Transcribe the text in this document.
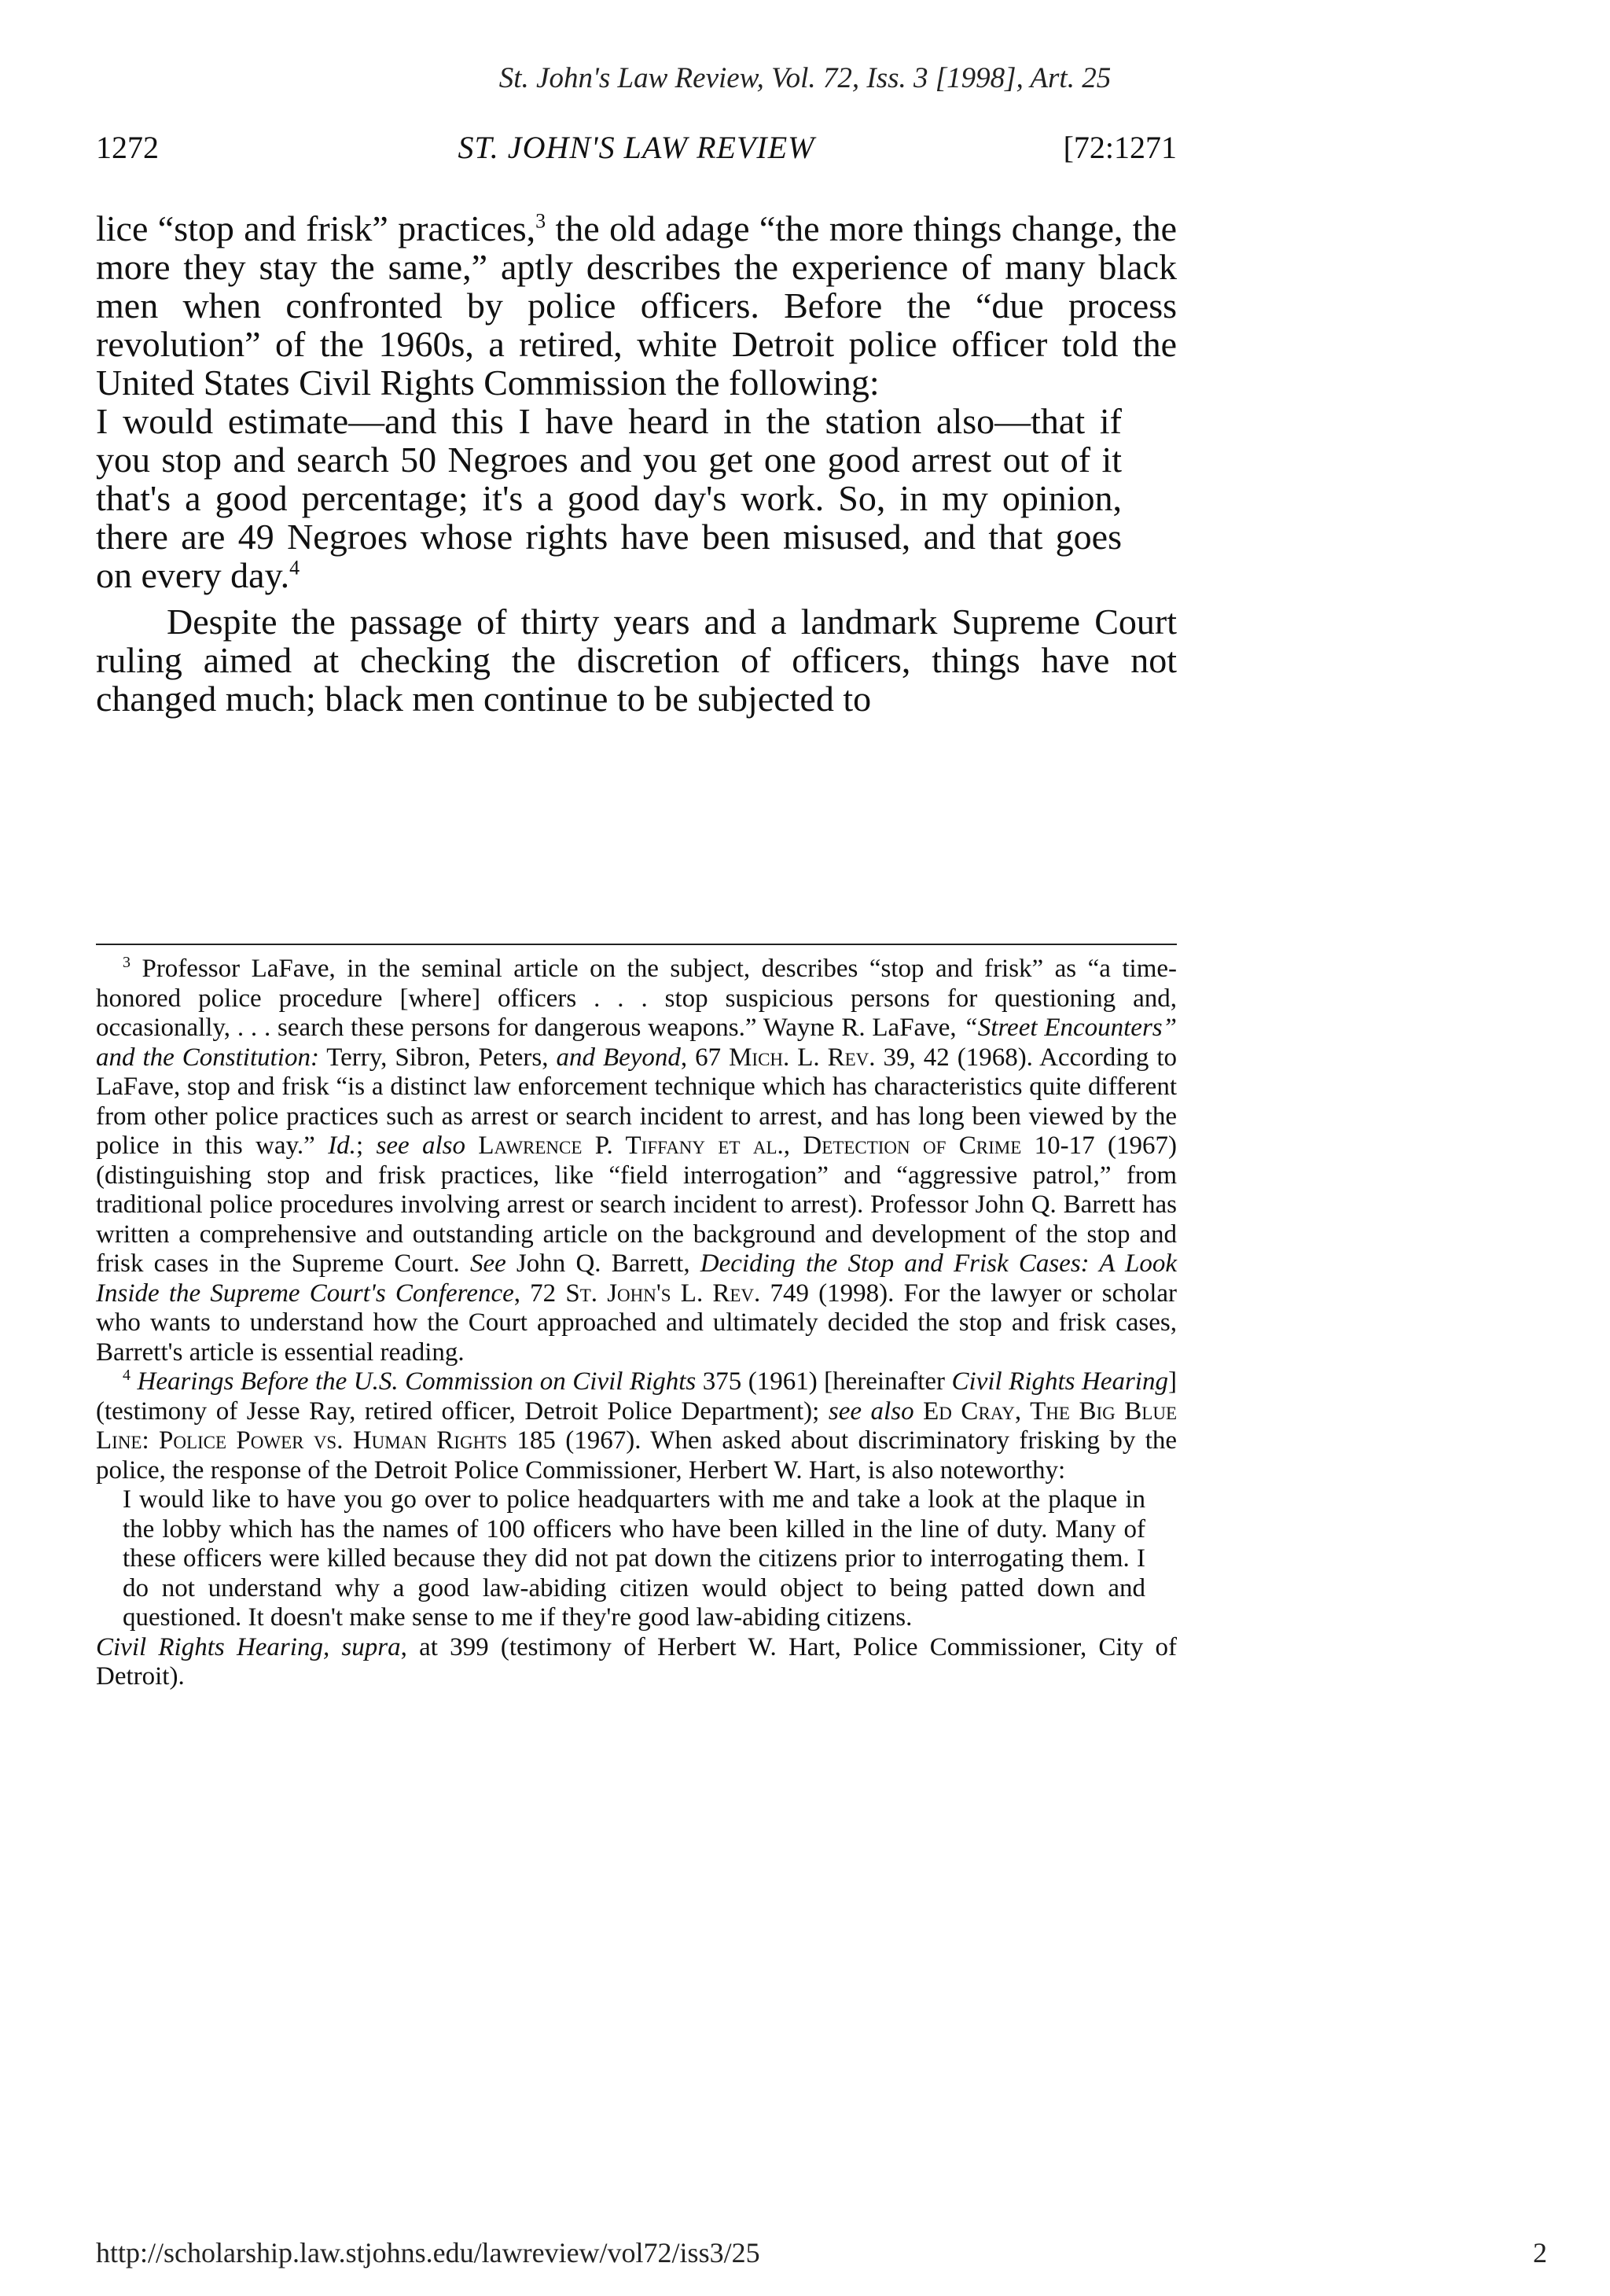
St. John's Law Review, Vol. 72, Iss. 3 [1998], Art. 25
1272	ST. JOHN'S LAW REVIEW	[72:1271

lice “stop and frisk” practices,$^3$ the old adage “the more things change, the more they stay the same,” aptly describes the experience of many black men when confronted by police officers. Before the “due process revolution” of the 1960s, a retired, white Detroit police officer told the United States Civil Rights Commission the following:

I would estimate—and this I have heard in the station also—that if you stop and search 50 Negroes and you get one good arrest out of it that's a good percentage; it's a good day's work. So, in my opinion, there are 49 Negroes whose rights have been misused, and that goes on every day.$^4$

Despite the passage of thirty years and a landmark Supreme Court ruling aimed at checking the discretion of officers, things have not changed much; black men continue to be subjected to

$^3$ Professor LaFave, in the seminal article on the subject, describes “stop and frisk” as “a time-honored police procedure [where] officers . . . stop suspicious persons for questioning and, occasionally, . . . search these persons for dangerous weapons.” Wayne R. LaFave, “Street Encounters” and the Constitution: Terry, Sibron, Peters, and Beyond, 67 Mich. L. Rev. 39, 42 (1968). According to LaFave, stop and frisk “is a distinct law enforcement technique which has characteristics quite different from other police practices such as arrest or search incident to arrest, and has long been viewed by the police in this way.” Id.; see also Lawrence P. Tiffany et al., Detection of Crime 10-17 (1967) (distinguishing stop and frisk practices, like “field interrogation” and “aggressive patrol,” from traditional police procedures involving arrest or search incident to arrest). Professor John Q. Barrett has written a comprehensive and outstanding article on the background and development of the stop and frisk cases in the Supreme Court. See John Q. Barrett, Deciding the Stop and Frisk Cases: A Look Inside the Supreme Court's Conference, 72 St. John's L. Rev. 749 (1998). For the lawyer or scholar who wants to understand how the Court approached and ultimately decided the stop and frisk cases, Barrett's article is essential reading.

$^4$ Hearings Before the U.S. Commission on Civil Rights 375 (1961) [hereinafter Civil Rights Hearing] (testimony of Jesse Ray, retired officer, Detroit Police Department); see also Ed Cray, The Big Blue Line: Police Power vs. Human Rights 185 (1967). When asked about discriminatory frisking by the police, the response of the Detroit Police Commissioner, Herbert W. Hart, is also noteworthy:

I would like to have you go over to police headquarters with me and take a look at the plaque in the lobby which has the names of 100 officers who have been killed in the line of duty. Many of these officers were killed because they did not pat down the citizens prior to interrogating them. I do not understand why a good law-abiding citizen would object to being patted down and questioned. It doesn't make sense to me if they're good law-abiding citizens.

Civil Rights Hearing, supra, at 399 (testimony of Herbert W. Hart, Police Commissioner, City of Detroit).

http://scholarship.law.stjohns.edu/lawreview/vol72/iss3/25	2
